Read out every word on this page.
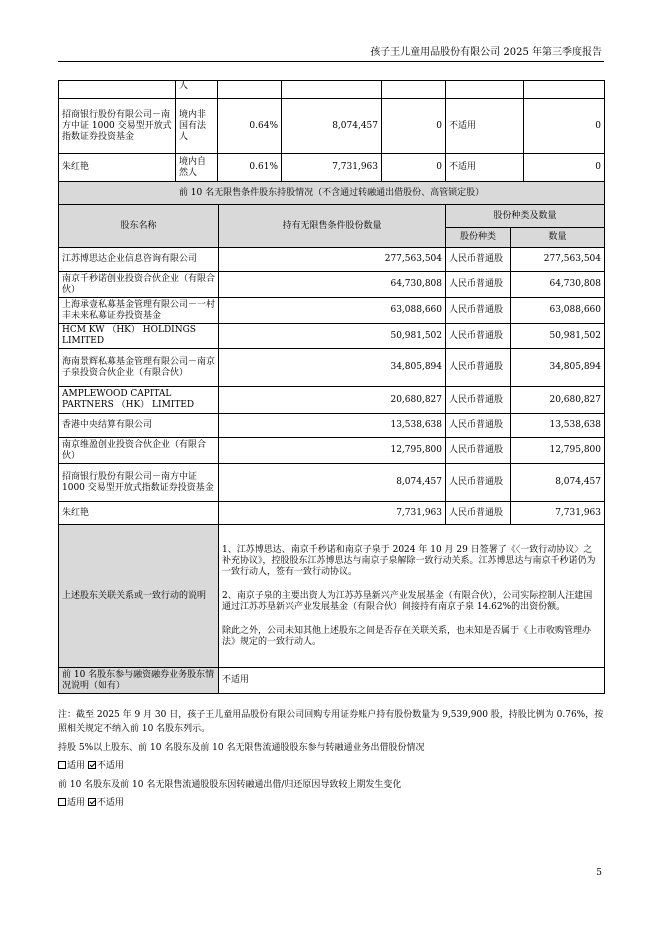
孩子王儿童用品股份有限公司 2025 年第三季度报告
	人					
招商银行股份有限公司－南方中证 1000 交易型开放式指数证券投资基金	境内非国有法人	0.64%	8,074,457	0	不适用	0
朱红艳	境内自然人	0.61%	7,731,963	0	不适用	0
前 10 名无限售条件股东持股情况（不含通过转融通出借股份、高管锁定股）			
股东名称	持有无限售条件股份数量	股份种类及数量	
		股份种类	数量
江苏博思达企业信息咨询有限公司	277,563,504	人民币普通股	277,563,504
南京千秒诺创业投资合伙企业（有限合伙）	64,730,808	人民币普通股	64,730,808
上海承壹私募基金管理有限公司－一村丰未来私募证券投资基金	63,088,660	人民币普通股	63,088,660
HCM KW （HK） HOLDINGS LIMITED	50,981,502	人民币普通股	50,981,502
海南景辉私募基金管理有限公司－南京子泉投资合伙企业（有限合伙）	34,805,894	人民币普通股	34,805,894
AMPLEWOOD CAPITAL PARTNERS （HK） LIMITED	20,680,827	人民币普通股	20,680,827
香港中央结算有限公司	13,538,638	人民币普通股	13,538,638
南京维盈创业投资合伙企业（有限合伙）	12,795,800	人民币普通股	12,795,800
招商银行股份有限公司－南方中证 1000 交易型开放式指数证券投资基金	8,074,457	人民币普通股	8,074,457
朱红艳	7,731,963	人民币普通股	7,731,963
上述股东关联关系或一致行动的说明	1、江苏博思达、南京千秒诺和南京子泉于 2024 年 10 月 29 日签署了《〈一致行动协议〉之补充协议》，控股股东江苏博思达与南京子泉解除一致行动关系。江苏博思达与南京千秒诺仍为一致行动人，签有一致行动协议。

2、南京子泉的主要出资人为江苏苏垦新兴产业发展基金（有限合伙），公司实际控制人汪建国通过江苏苏垦新兴产业发展基金（有限合伙）间接持有南京子泉 14.62%的出资份额。

除此之外，公司未知其他上述股东之间是否存在关联关系，也未知是否属于《上市收购管理办法》规定的一致行动人。		

前 10 名股东参与融资融券业务股东情况说明（如有）	不适用		
注：截至 2025 年 9 月 30 日，孩子王儿童用品股份有限公司回购专用证券账户持有股份数量为 9,539,900 股，持股比例为 0.76%，按照相关规定不纳入前 10 名股东列示。
持股 5%以上股东、前 10 名股东及前 10 名无限售流通股股东参与转融通业务出借股份情况
适用 不适用
前 10 名股东及前 10 名无限售流通股股东因转融通出借/归还原因导致较上期发生变化
适用 不适用
5
